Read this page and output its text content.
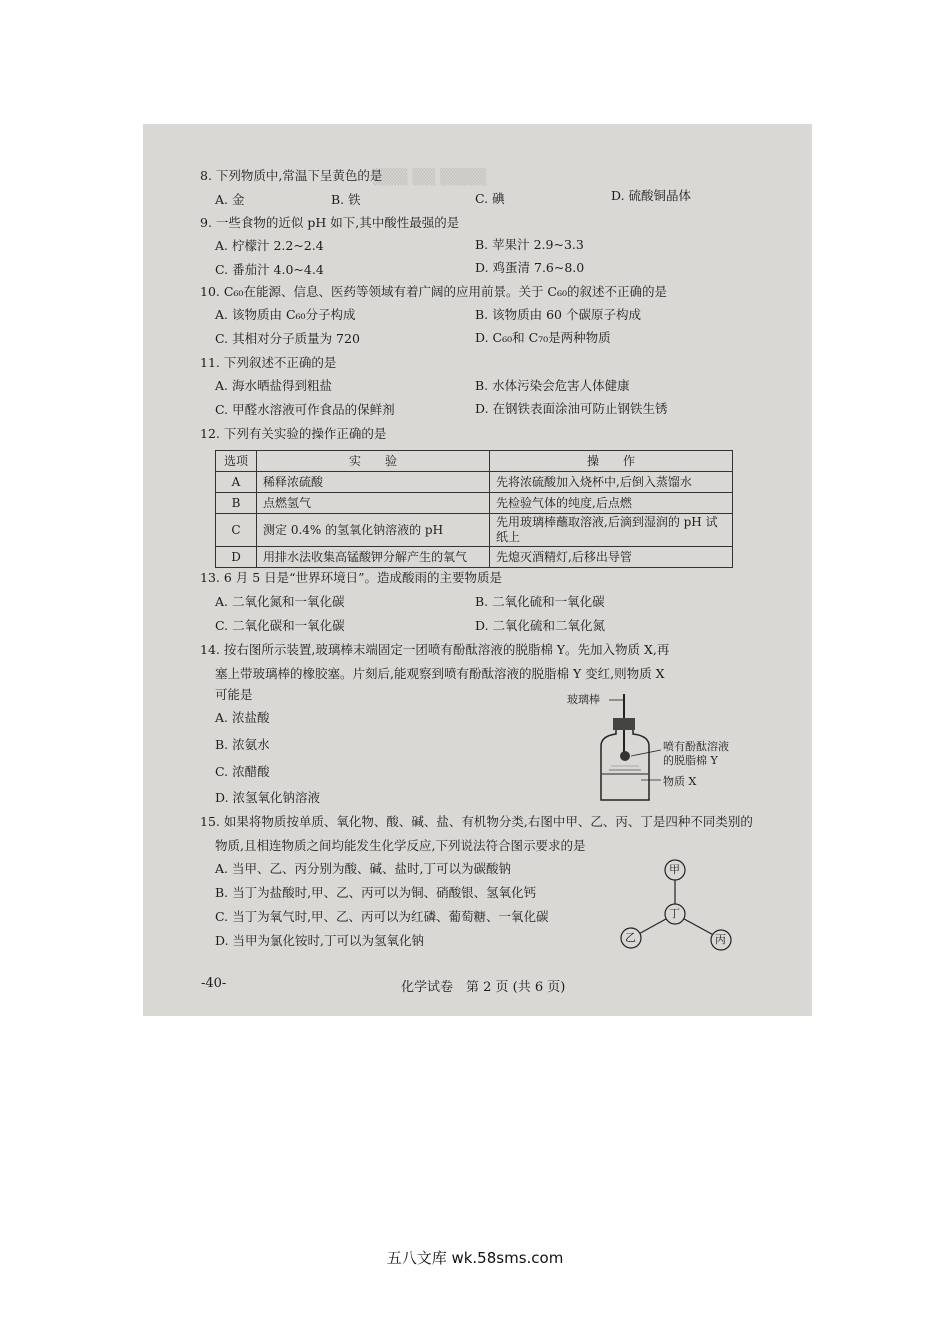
▒▒▒ ▒▒ ▒▒▒▒
8. 下列物质中,常温下呈黄色的是
A. 金	B. 铁	C. 碘	D. 硫酸铜晶体
9. 一些食物的近似 pH 如下,其中酸性最强的是
A. 柠檬汁 2.2~2.4	B. 苹果汁 2.9~3.3
C. 番茄汁 4.0~4.4	D. 鸡蛋清 7.6~8.0
10. C₆₀在能源、信息、医药等领域有着广阔的应用前景。关于 C₆₀的叙述不正确的是
A. 该物质由 C₆₀分子构成	B. 该物质由 60 个碳原子构成
C. 其相对分子质量为 720	D. C₆₀和 C₇₀是两种物质
11. 下列叙述不正确的是
A. 海水晒盐得到粗盐	B. 水体污染会危害人体健康
C. 甲醛水溶液可作食品的保鲜剂	D. 在钢铁表面涂油可防止钢铁生锈
12. 下列有关实验的操作正确的是
选项	实　　验	操　　作
A	稀释浓硫酸	先将浓硫酸加入烧杯中,后倒入蒸馏水
B	点燃氢气	先检验气体的纯度,后点燃
C	测定 0.4% 的氢氧化钠溶液的 pH	先用玻璃棒蘸取溶液,后滴到湿润的 pH 试纸上
D	用排水法收集高锰酸钾分解产生的氧气	先熄灭酒精灯,后移出导管
13. 6 月 5 日是“世界环境日”。造成酸雨的主要物质是
A. 二氧化氮和一氧化碳	B. 二氧化硫和一氧化碳
C. 二氧化碳和一氧化碳	D. 二氧化硫和二氧化氮
14. 按右图所示装置,玻璃棒末端固定一团喷有酚酞溶液的脱脂棉 Y。先加入物质 X,再
塞上带玻璃棒的橡胶塞。片刻后,能观察到喷有酚酞溶液的脱脂棉 Y 变红,则物质 X
可能是
A. 浓盐酸
B. 浓氨水
C. 浓醋酸
D. 浓氢氧化钠溶液
玻璃棒
喷有酚酞溶液
的脱脂棉 Y
物质 X
15. 如果将物质按单质、氧化物、酸、碱、盐、有机物分类,右图中甲、乙、丙、丁是四种不同类别的
物质,且相连物质之间均能发生化学反应,下列说法符合图示要求的是
A. 当甲、乙、丙分别为酸、碱、盐时,丁可以为碳酸钠
B. 当丁为盐酸时,甲、乙、丙可以为铜、硝酸银、氢氧化钙
C. 当丁为氧气时,甲、乙、丙可以为红磷、葡萄糖、一氧化碳
D. 当甲为氯化铵时,丁可以为氢氧化钠
甲
丁
乙	丙
-40-	化学试卷　第 2 页 (共 6 页)
五八文库 wk.58sms.com
